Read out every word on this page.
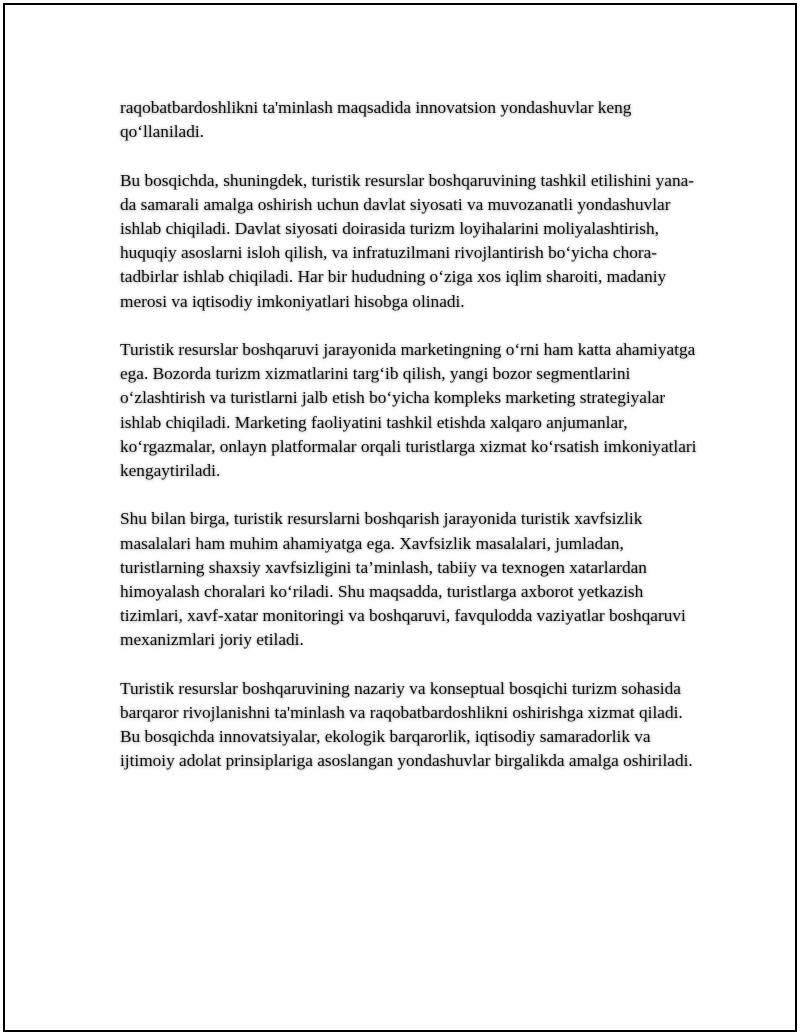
raqobatbardoshlikni ta'minlash maqsadida innovatsion yondashuvlar keng qo‘llaniladi.

Bu bosqichda, shuningdek, turistik resurslar boshqaruvining tashkil etilishini yana-da samarali amalga oshirish uchun davlat siyosati va muvozanatli yondashuvlar ishlab chiqiladi. Davlat siyosati doirasida turizm loyihalarini moliyalashtirish, huquqiy asoslarni isloh qilish, va infratuzilmani rivojlantirish bo‘yicha chora-tadbirlar ishlab chiqiladi. Har bir hududning o‘ziga xos iqlim sharoiti, madaniy merosi va iqtisodiy imkoniyatlari hisobga olinadi.

Turistik resurslar boshqaruvi jarayonida marketingning o‘rni ham katta ahamiyatga ega. Bozorda turizm xizmatlarini targ‘ib qilish, yangi bozor segmentlarini o‘zlashtirish va turistlarni jalb etish bo‘yicha kompleks marketing strategiyalar ishlab chiqiladi. Marketing faoliyatini tashkil etishda xalqaro anjumanlar, ko‘rgazmalar, onlayn platformalar orqali turistlarga xizmat ko‘rsatish imkoniyatlari kengaytiriladi.

Shu bilan birga, turistik resurslarni boshqarish jarayonida turistik xavfsizlik masalalari ham muhim ahamiyatga ega. Xavfsizlik masalalari, jumladan, turistlarning shaxsiy xavfsizligini ta’minlash, tabiiy va texnogen xatarlardan himoyalash choralari ko‘riladi. Shu maqsadda, turistlarga axborot yetkazish tizimlari, xavf-xatar monitoringi va boshqaruvi, favqulodda vaziyatlar boshqaruvi mexanizmlari joriy etiladi.

Turistik resurslar boshqaruvining nazariy va konseptual bosqichi turizm sohasida barqaror rivojlanishni ta'minlash va raqobatbardoshlikni oshirishga xizmat qiladi. Bu bosqichda innovatsiyalar, ekologik barqarorlik, iqtisodiy samaradorlik va ijtimoiy adolat prinsiplariga asoslangan yondashuvlar birgalikda amalga oshiriladi.
